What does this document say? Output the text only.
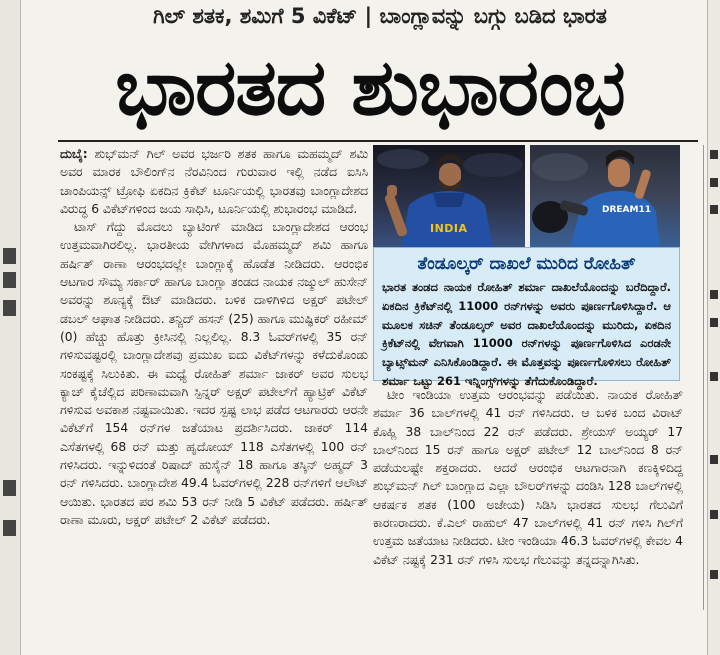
ಗಿಲ್ ಶತಕ, ಶಮಿಗೆ 5 ವಿಕೆಟ್ | ಬಾಂಗ್ಲಾವನ್ನು ಬಗ್ಗು ಬಡಿದ ಭಾರತ
ಭಾರತದ ಶುಭಾರಂಭ

ದುಬೈ: ಶುಭ್‌ಮನ್ ಗಿಲ್ ಅವರ ಭರ್ಜರಿ ಶತಕ ಹಾಗೂ ಮಹಮ್ಮದ್ ಶಮಿ ಅವರ ಮಾರಕ ಬೌಲಿಂಗ್‌ನ ನೆರವಿನಿಂದ ಗುರುವಾರ ಇಲ್ಲಿ ನಡೆದ ಐಸಿಸಿ ಚಾಂಪಿಯನ್ಸ್ ಟ್ರೋಫಿ ಏಕದಿನ ಕ್ರಿಕೆಟ್ ಟೂರ್ನಿಯಲ್ಲಿ ಭಾರತವು ಬಾಂಗ್ಲಾದೇಶದ ವಿರುದ್ಧ 6 ವಿಕೆಟ್‌ಗಳಿಂದ ಜಯ ಸಾಧಿಸಿ, ಟೂರ್ನಿಯಲ್ಲಿ ಶುಭಾರಂಭ ಮಾಡಿದೆ.

ಟಾಸ್ ಗೆದ್ದು ಮೊದಲು ಬ್ಯಾಟಿಂಗ್ ಮಾಡಿದ ಬಾಂಗ್ಲಾದೇಶದ ಆರಂಭ ಉತ್ತಮವಾಗಿರಲಿಲ್ಲ. ಭಾರತೀಯ ವೇಗಿಗಳಾದ ಮೊಹಮ್ಮದ್ ಶಮಿ ಹಾಗೂ ಹರ್ಷಿತ್ ರಾಣಾ ಆರಂಭದಲ್ಲೇ ಬಾಂಗ್ಲಾಕ್ಕೆ ಹೊಡೆತ ನೀಡಿದರು. ಆರಂಭಿಕ ಆಟಗಾರ ಸೌಮ್ಯ ಸರ್ಕಾರ್ ಹಾಗೂ ಬಾಂಗ್ಲಾ ತಂಡದ ನಾಯಕ ನಜ್ಮುಲ್ ಹುಸೇನ್ ಅವರನ್ನು ಶೂನ್ಯಕ್ಕೆ ಔಟ್ ಮಾಡಿದರು. ಬಳಿಕ ದಾಳಿಗಿಳಿದ ಅಕ್ಷರ್ ಪಟೇಲ್ ಡಬಲ್ ಆಘಾತ ನೀಡಿದರು. ತನ್ಜಿದ್ ಹಸನ್ (25) ಹಾಗೂ ಮುಷ್ಫಿಕರ್ ರಹೀಮ್ (0) ಹೆಚ್ಚು ಹೊತ್ತು ಕ್ರೀಸಿನಲ್ಲಿ ನಿಲ್ಲಲಿಲ್ಲ. 8.3 ಓವರ್‌ಗಳಲ್ಲಿ 35 ರನ್ ಗಳಿಸುವಷ್ಟರಲ್ಲಿ ಬಾಂಗ್ಲಾದೇಶವು ಪ್ರಮುಖ ಐದು ವಿಕೆಟ್‌ಗಳನ್ನು ಕಳೆದುಕೊಂಡು ಸಂಕಷ್ಟಕ್ಕೆ ಸಿಲುಕಿತು. ಈ ಮಧ್ಯೆ ರೋಹಿತ್ ಶರ್ಮಾ ಜಾಕರ್ ಅವರ ಸುಲಭ ಕ್ಯಾಚ್ ಕೈಚೆಲ್ಲಿದ ಪರಿಣಾಮವಾಗಿ ಸ್ಪಿನ್ನರ್ ಅಕ್ಷರ್ ಪಟೇಲ್‌ಗೆ ಹ್ಯಾಟ್ರಿಕ್ ವಿಕೆಟ್ ಗಳಿಸುವ ಅವಕಾಶ ನಷ್ಟವಾಯಿತು. ಇದರ ಸ್ಪಷ್ಟ ಲಾಭ ಪಡೆದ ಆಟಗಾರರು ಆರನೇ ವಿಕೆಟ್‌ಗೆ 154 ರನ್‌ಗಳ ಜತೆಯಾಟ ಪ್ರದರ್ಶಿಸಿದರು. ಜಾಕರ್ 114 ಎಸೆತಗಳಲ್ಲಿ 68 ರನ್ ಮತ್ತು ಹೃದೋಯ್ 118 ಎಸೆತಗಳಲ್ಲಿ 100 ರನ್ ಗಳಿಸಿದರು. ಇನ್ನುಳಿದಂತೆ ರಿಷಾದ್ ಹುಸೈನ್ 18 ಹಾಗೂ ತಸ್ಕಿನ್ ಅಹ್ಮದ್ 3 ರನ್ ಗಳಿಸಿದರು. ಬಾಂಗ್ಲಾದೇಶ 49.4 ಓವರ್‌ಗಳಲ್ಲಿ 228 ರನ್‌ಗಳಿಗೆ ಆಲೌಟ್ ಆಯಿತು. ಭಾರತದ ಪರ ಶಮಿ 53 ರನ್ ನೀಡಿ 5 ವಿಕೆಟ್ ಪಡೆದರು. ಹರ್ಷಿತ್ ರಾಣಾ ಮೂರು, ಅಕ್ಷರ್ ಪಟೇಲ್ 2 ವಿಕೆಟ್ ಪಡೆದರು.

INDIA
DREAM11
ತೆಂಡೂಲ್ಕರ್ ದಾಖಲೆ ಮುರಿದ ರೋಹಿತ್

ಭಾರತ ತಂಡದ ನಾಯಕ ರೋಹಿತ್ ಶರ್ಮಾ ದಾಖಲೆಯೊಂದನ್ನು ಬರೆದಿದ್ದಾರೆ. ಏಕದಿನ ಕ್ರಿಕೆಟ್‌ನಲ್ಲಿ 11000 ರನ್‌ಗಳನ್ನು ಅವರು ಪೂರ್ಣಗೊಳಿಸಿದ್ದಾರೆ. ಆ ಮೂಲಕ ಸಚಿನ್ ತೆಂಡೂಲ್ಕರ್ ಅವರ ದಾಖಲೆಯೊಂದನ್ನು ಮುರಿದು, ಏಕದಿನ ಕ್ರಿಕೆಟ್‌ನಲ್ಲಿ ವೇಗವಾಗಿ 11000 ರನ್‌ಗಳನ್ನು ಪೂರ್ಣಗೊಳಿಸಿದ ಎರಡನೇ ಬ್ಯಾಟ್ಸ್‌ಮನ್ ಎನಿಸಿಕೊಂಡಿದ್ದಾರೆ. ಈ ಮೊತ್ತವನ್ನು ಪೂರ್ಣಗೊಳಿಸಲು ರೋಹಿತ್ ಶರ್ಮಾ ಒಟ್ಟು 261 ಇನ್ನಿಂಗ್ಸ್‌ಗಳನ್ನು ತೆಗೆದುಕೊಂಡಿದ್ದಾರೆ.

ಟೀಂ ಇಂಡಿಯಾ ಉತ್ತಮ ಆರಂಭವನ್ನು ಪಡೆಯಿತು. ನಾಯಕ ರೋಹಿತ್ ಶರ್ಮಾ 36 ಬಾಲ್‌ಗಳಲ್ಲಿ 41 ರನ್ ಗಳಿಸಿದರು. ಆ ಬಳಿಕ ಬಂದ ವಿರಾಟ್ ಕೊಹ್ಲಿ 38 ಬಾಲ್‌ನಿಂದ 22 ರನ್ ಪಡೆದರು. ಶ್ರೇಯಸ್ ಅಯ್ಯರ್ 17 ಬಾಲ್‌ನಿಂದ 15 ರನ್ ಹಾಗೂ ಅಕ್ಷರ್ ಪಟೇಲ್ 12 ಬಾಲ್‌ನಿಂದ 8 ರನ್ ಪಡೆಯಲಷ್ಟೇ ಶಕ್ತರಾದರು. ಆದರೆ ಆರಂಭಿಕ ಆಟಗಾರನಾಗಿ ಕಣಕ್ಕಿಳಿದಿದ್ದ ಶುಭ್‌ಮನ್ ಗಿಲ್ ಬಾಂಗ್ಲಾದ ಎಲ್ಲಾ ಬೌಲರ್‌ಗಳನ್ನು ದಂಡಿಸಿ 128 ಬಾಲ್‌ಗಳಲ್ಲಿ ಆಕರ್ಷಕ ಶತಕ (100 ಅಜೇಯ) ಸಿಡಿಸಿ ಭಾರತದ ಸುಲಭ ಗೆಲುವಿಗೆ ಕಾರಣರಾದರು. ಕೆ.ಎಲ್ ರಾಹುಲ್ 47 ಬಾಲ್‌ಗಳಲ್ಲಿ 41 ರನ್ ಗಳಿಸಿ ಗಿಲ್‌ಗೆ ಉತ್ತಮ ಜತೆಯಾಟ ನೀಡಿದರು. ಟೀಂ ಇಂಡಿಯಾ 46.3 ಓವರ್‌ಗಳಲ್ಲಿ ಕೇವಲ 4 ವಿಕೆಟ್ ನಷ್ಟಕ್ಕೆ 231 ರನ್ ಗಳಿಸಿ ಸುಲಭ ಗೆಲುವನ್ನು ತನ್ನದನ್ನಾಗಿಸಿತು.
